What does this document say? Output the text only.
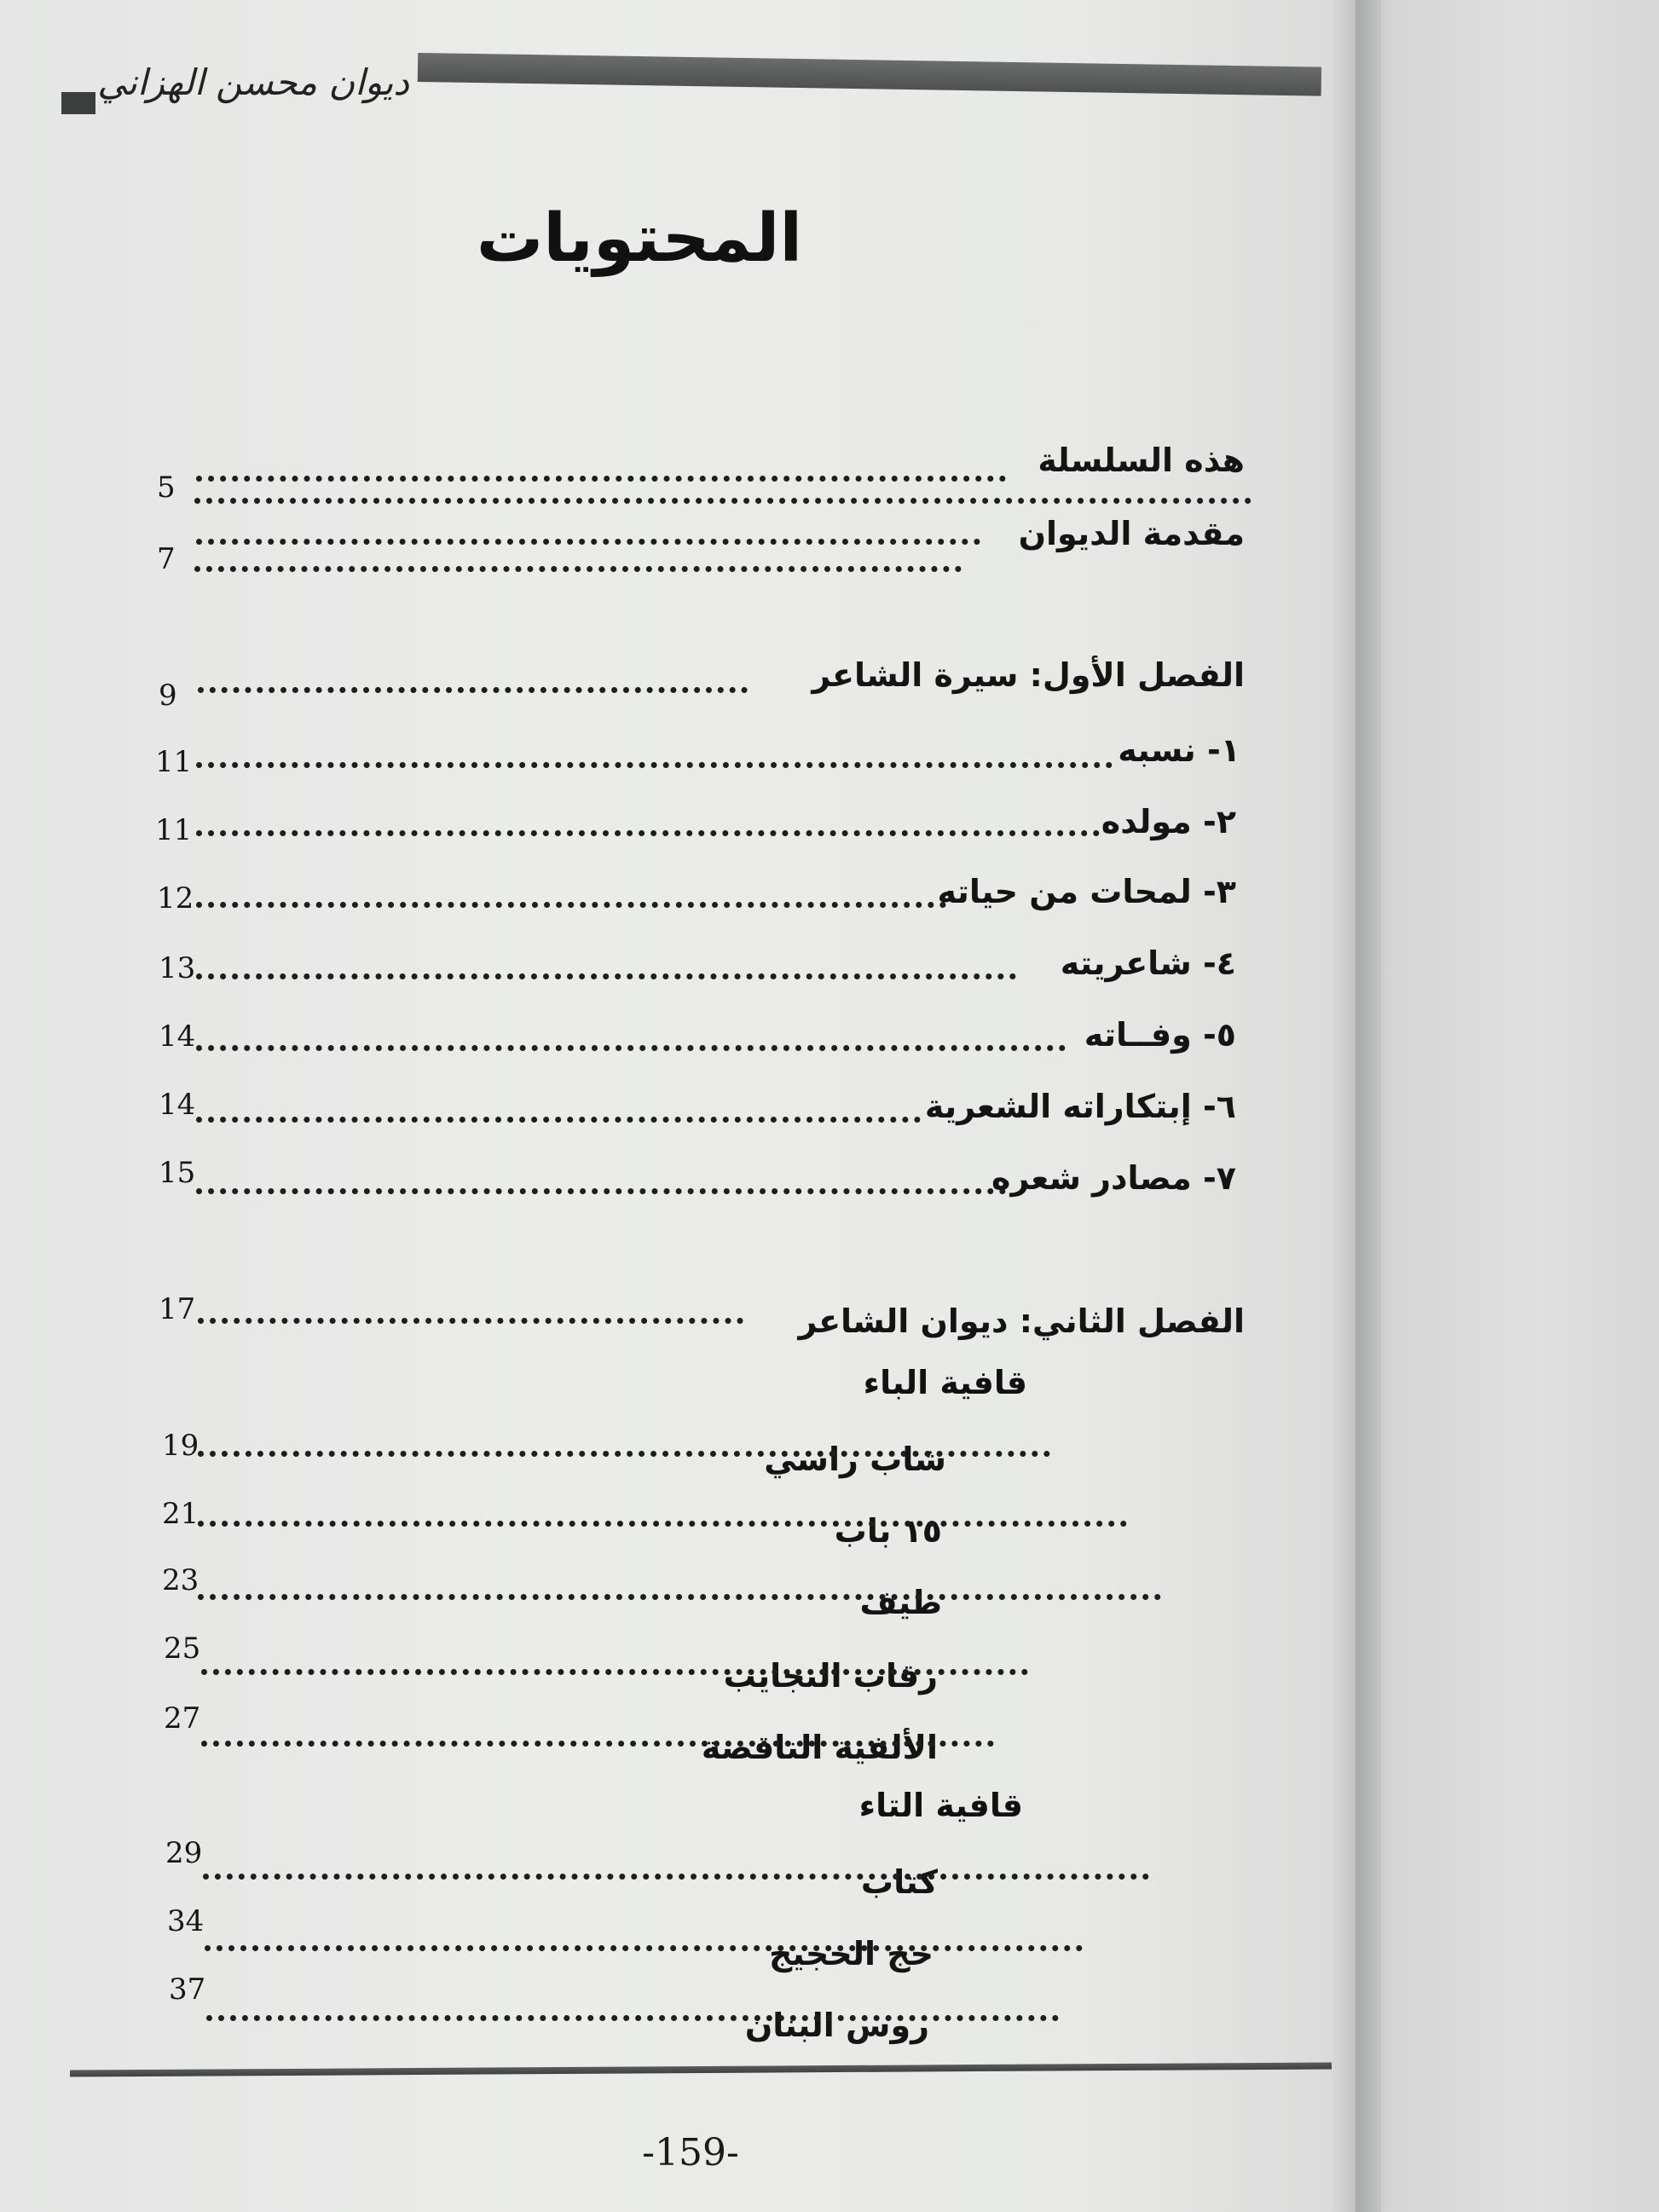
ديوان محسن الهزاني
المحتويات
هذه السلسلة
5
مقدمة الديوان
7
الفصل الأول: سيرة الشاعر
9
١- نسبه
11
٢- مولده
11
٣- لمحات من حياته
12
٤- شاعريته
13
٥- وفــاته
14
٦- إبتكاراته الشعرية
14
٧- مصادر شعره
15
الفصل الثاني: ديوان الشاعر
17
قافية الباء
شاب راسي
19
١٥ باب
21
طيف
23
رقاب النجايب
25
الألفية الناقصة
27
قافية التاء
كتاب
29
حج الحجيج
34
روس البنان
37
-159-
